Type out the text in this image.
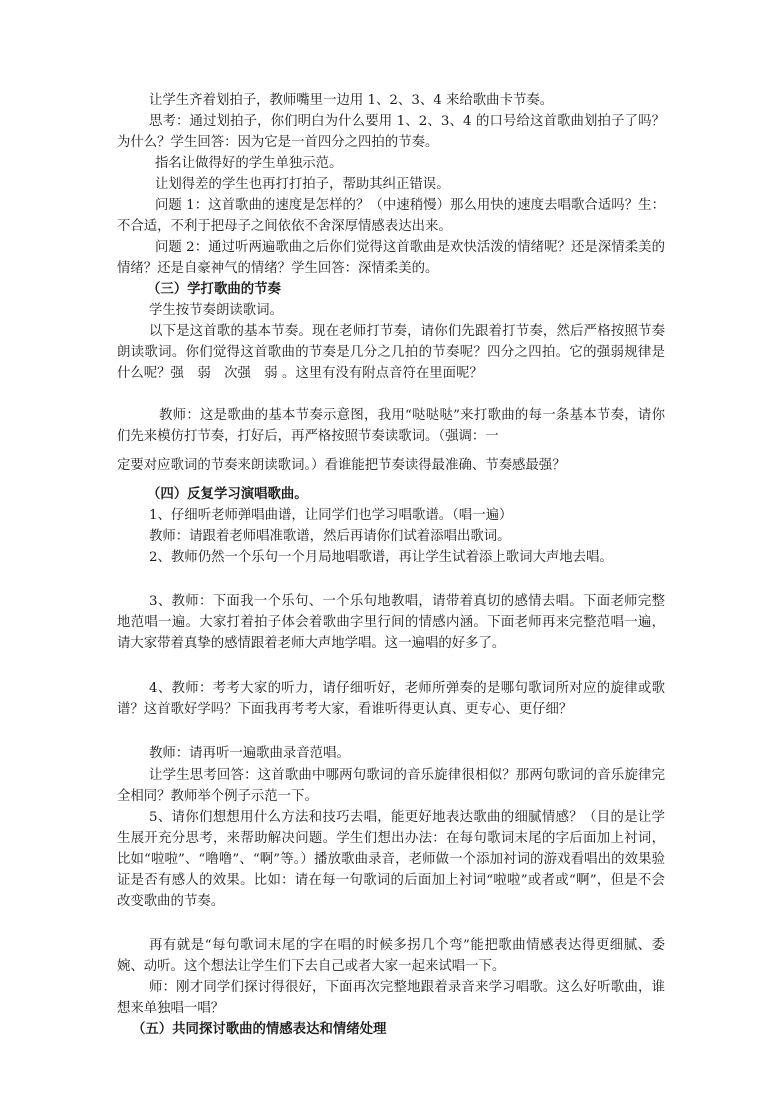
让学生齐着划拍子，教师嘴里一边用 1、2、3、4 来给歌曲卡节奏。

思考：通过划拍子，你们明白为什么要用 1、2、3、4 的口号给这首歌曲划拍子了吗？为什么？学生回答：因为它是一首四分之四拍的节奏。

指名让做得好的学生单独示范。

让划得差的学生也再打打拍子，帮助其纠正错误。

问题 1：这首歌曲的速度是怎样的？（中速稍慢）那么用快的速度去唱歌合适吗？生：不合适，不利于把母子之间依依不舍深厚情感表达出来。

问题 2：通过听两遍歌曲之后你们觉得这首歌曲是欢快活泼的情绪呢？还是深情柔美的情绪？还是自豪神气的情绪？学生回答：深情柔美的。

（三）学打歌曲的节奏

学生按节奏朗读歌词。

以下是这首歌的基本节奏。现在老师打节奏，请你们先跟着打节奏，然后严格按照节奏朗读歌词。你们觉得这首歌曲的节奏是几分之几拍的节奏呢？四分之四拍。它的强弱规律是什么呢？强　弱　次强　弱 。这里有没有附点音符在里面呢？

教师：这是歌曲的基本节奏示意图，我用“哒哒哒”来打歌曲的每一条基本节奏，请你们先来模仿打节奏，打好后，再严格按照节奏读歌词。（强调：一

定要对应歌词的节奏来朗读歌词。）看谁能把节奏读得最准确、节奏感最强？

（四）反复学习演唱歌曲。

1、仔细听老师弹唱曲谱，让同学们也学习唱歌谱。（唱一遍）

教师：请跟着老师唱准歌谱，然后再请你们试着添唱出歌词。

2、教师仍然一个乐句一个月局地唱歌谱，再让学生试着添上歌词大声地去唱。

3、教师：下面我一个乐句、一个乐句地教唱，请带着真切的感情去唱。下面老师完整地范唱一遍。大家打着拍子体会着歌曲字里行间的情感内涵。下面老师再来完整范唱一遍，请大家带着真挚的感情跟着老师大声地学唱。这一遍唱的好多了。

4、教师：考考大家的听力，请仔细听好，老师所弹奏的是哪句歌词所对应的旋律或歌谱？这首歌好学吗？下面我再考考大家，看谁听得更认真、更专心、更仔细？

教师：请再听一遍歌曲录音范唱。

让学生思考回答：这首歌曲中哪两句歌词的音乐旋律很相似？那两句歌词的音乐旋律完全相同？教师举个例子示范一下。

5、请你们想想用什么方法和技巧去唱，能更好地表达歌曲的细腻情感？（目的是让学生展开充分思考，来帮助解决问题。学生们想出办法：在每句歌词末尾的字后面加上衬词，比如“啦啦”、“噜噜”、“啊”等。）播放歌曲录音，老师做一个添加衬词的游戏看唱出的效果验证是否有感人的效果。比如：请在每一句歌词的后面加上衬词“啦啦”或者或“啊”，但是不会改变歌曲的节奏。

再有就是“每句歌词末尾的字在唱的时候多拐几个弯”能把歌曲情感表达得更细腻、委婉、动听。这个想法让学生们下去自己或者大家一起来试唱一下。

师：刚才同学们探讨得很好，下面再次完整地跟着录音来学习唱歌。这么好听歌曲，谁想来单独唱一唱？

（五）共同探讨歌曲的情感表达和情绪处理
